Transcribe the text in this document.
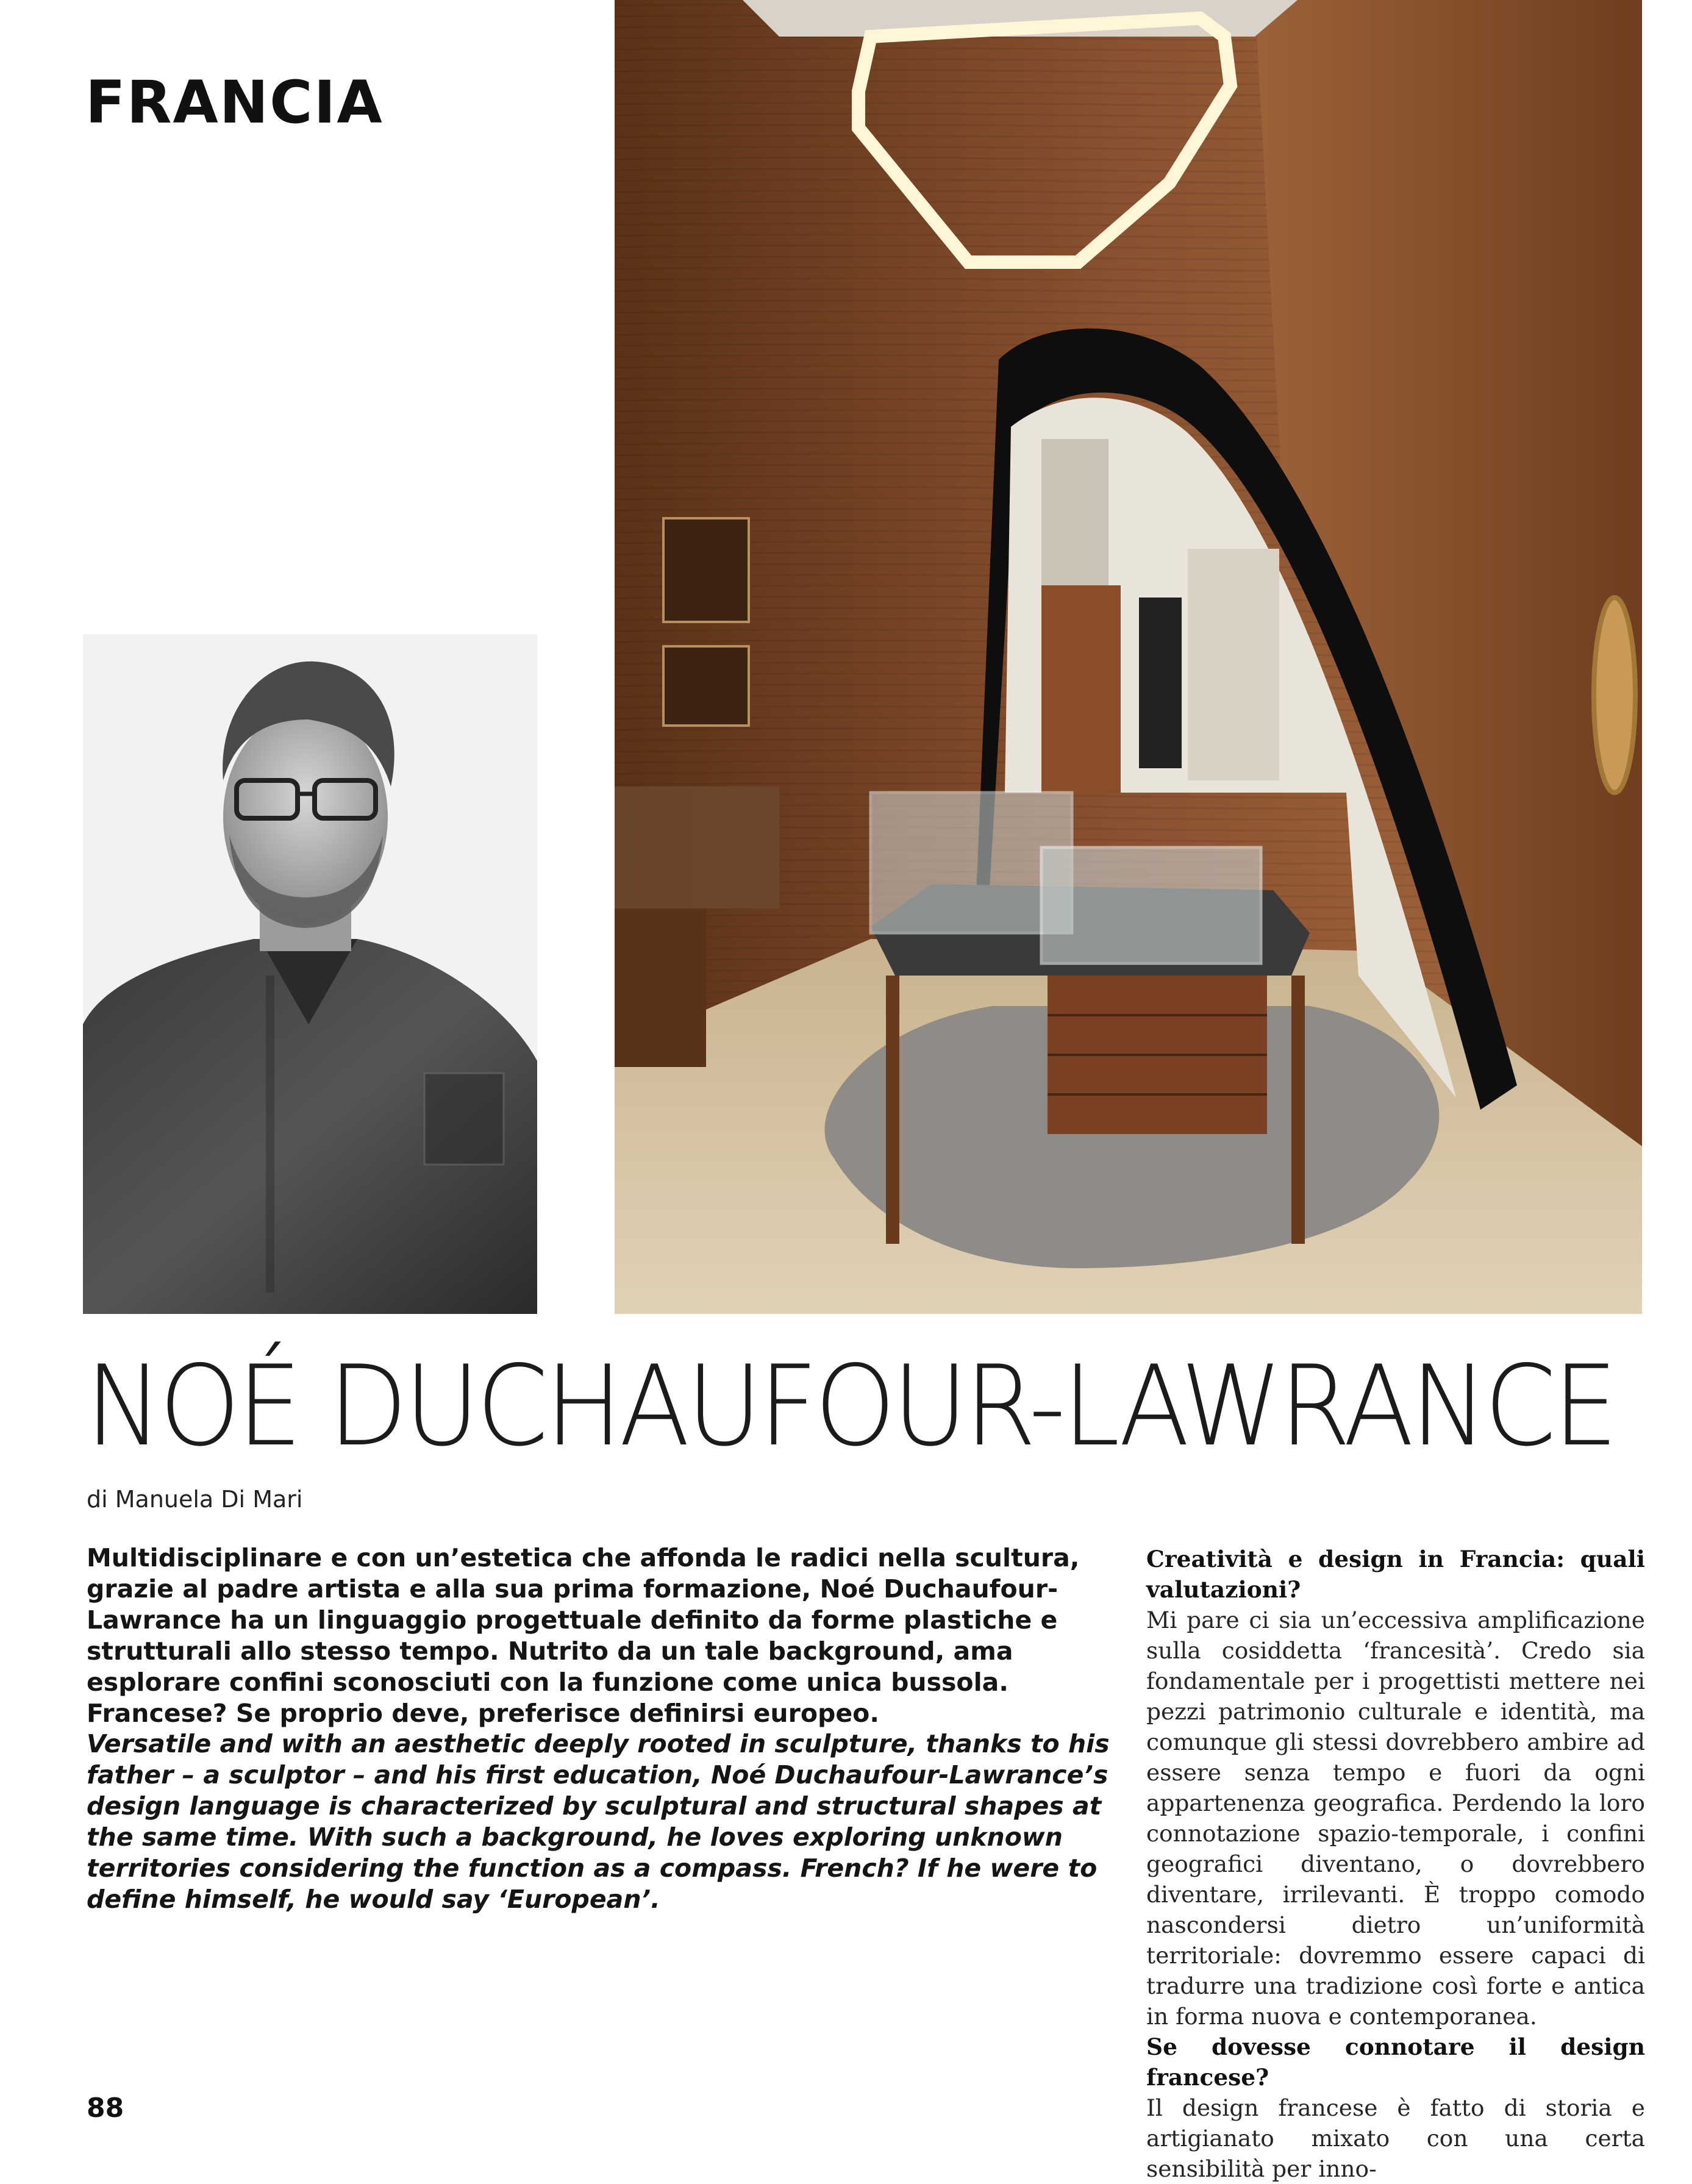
FRANCIA
NOÉ DUCHAUFOUR-LAWRANCE
di Manuela Di Mari
Multidisciplinare e con un’estetica che affonda le radici nella scultura, grazie al padre artista e alla sua prima formazione, Noé Duchaufour-Lawrance ha un linguaggio progettuale definito da forme plastiche e strutturali allo stesso tempo. Nutrito da un tale background, ama esplorare confini sconosciuti con la funzione come unica bussola. Francese? Se proprio deve, preferisce definirsi europeo.
Versatile and with an aesthetic deeply rooted in sculpture, thanks to his father – a sculptor – and his first education, Noé Duchaufour-Lawrance’s design language is characterized by sculptural and structural shapes at the same time. With such a background, he loves exploring unknown territories considering the function as a compass. French? If he were to define himself, he would say ‘European’.
Creatività e design in Francia: quali valutazioni?
Mi pare ci sia un’eccessiva amplificazione sulla cosiddetta ‘francesità’. Credo sia fondamentale per i progettisti mettere nei pezzi patrimonio culturale e identità, ma comunque gli stessi dovrebbero ambire ad essere senza tempo e fuori da ogni appartenenza geografica. Perdendo la loro connotazione spazio-temporale, i confini geografici diventano, o dovrebbero diventare, irrilevanti. È troppo comodo nascondersi dietro un’uniformità territoriale: dovremmo essere capaci di tradurre una tradizione così forte e antica in forma nuova e contemporanea.
Se dovesse connotare il design francese?
Il design francese è fatto di storia e artigianato mixato con una certa sensibilità per inno-
88
